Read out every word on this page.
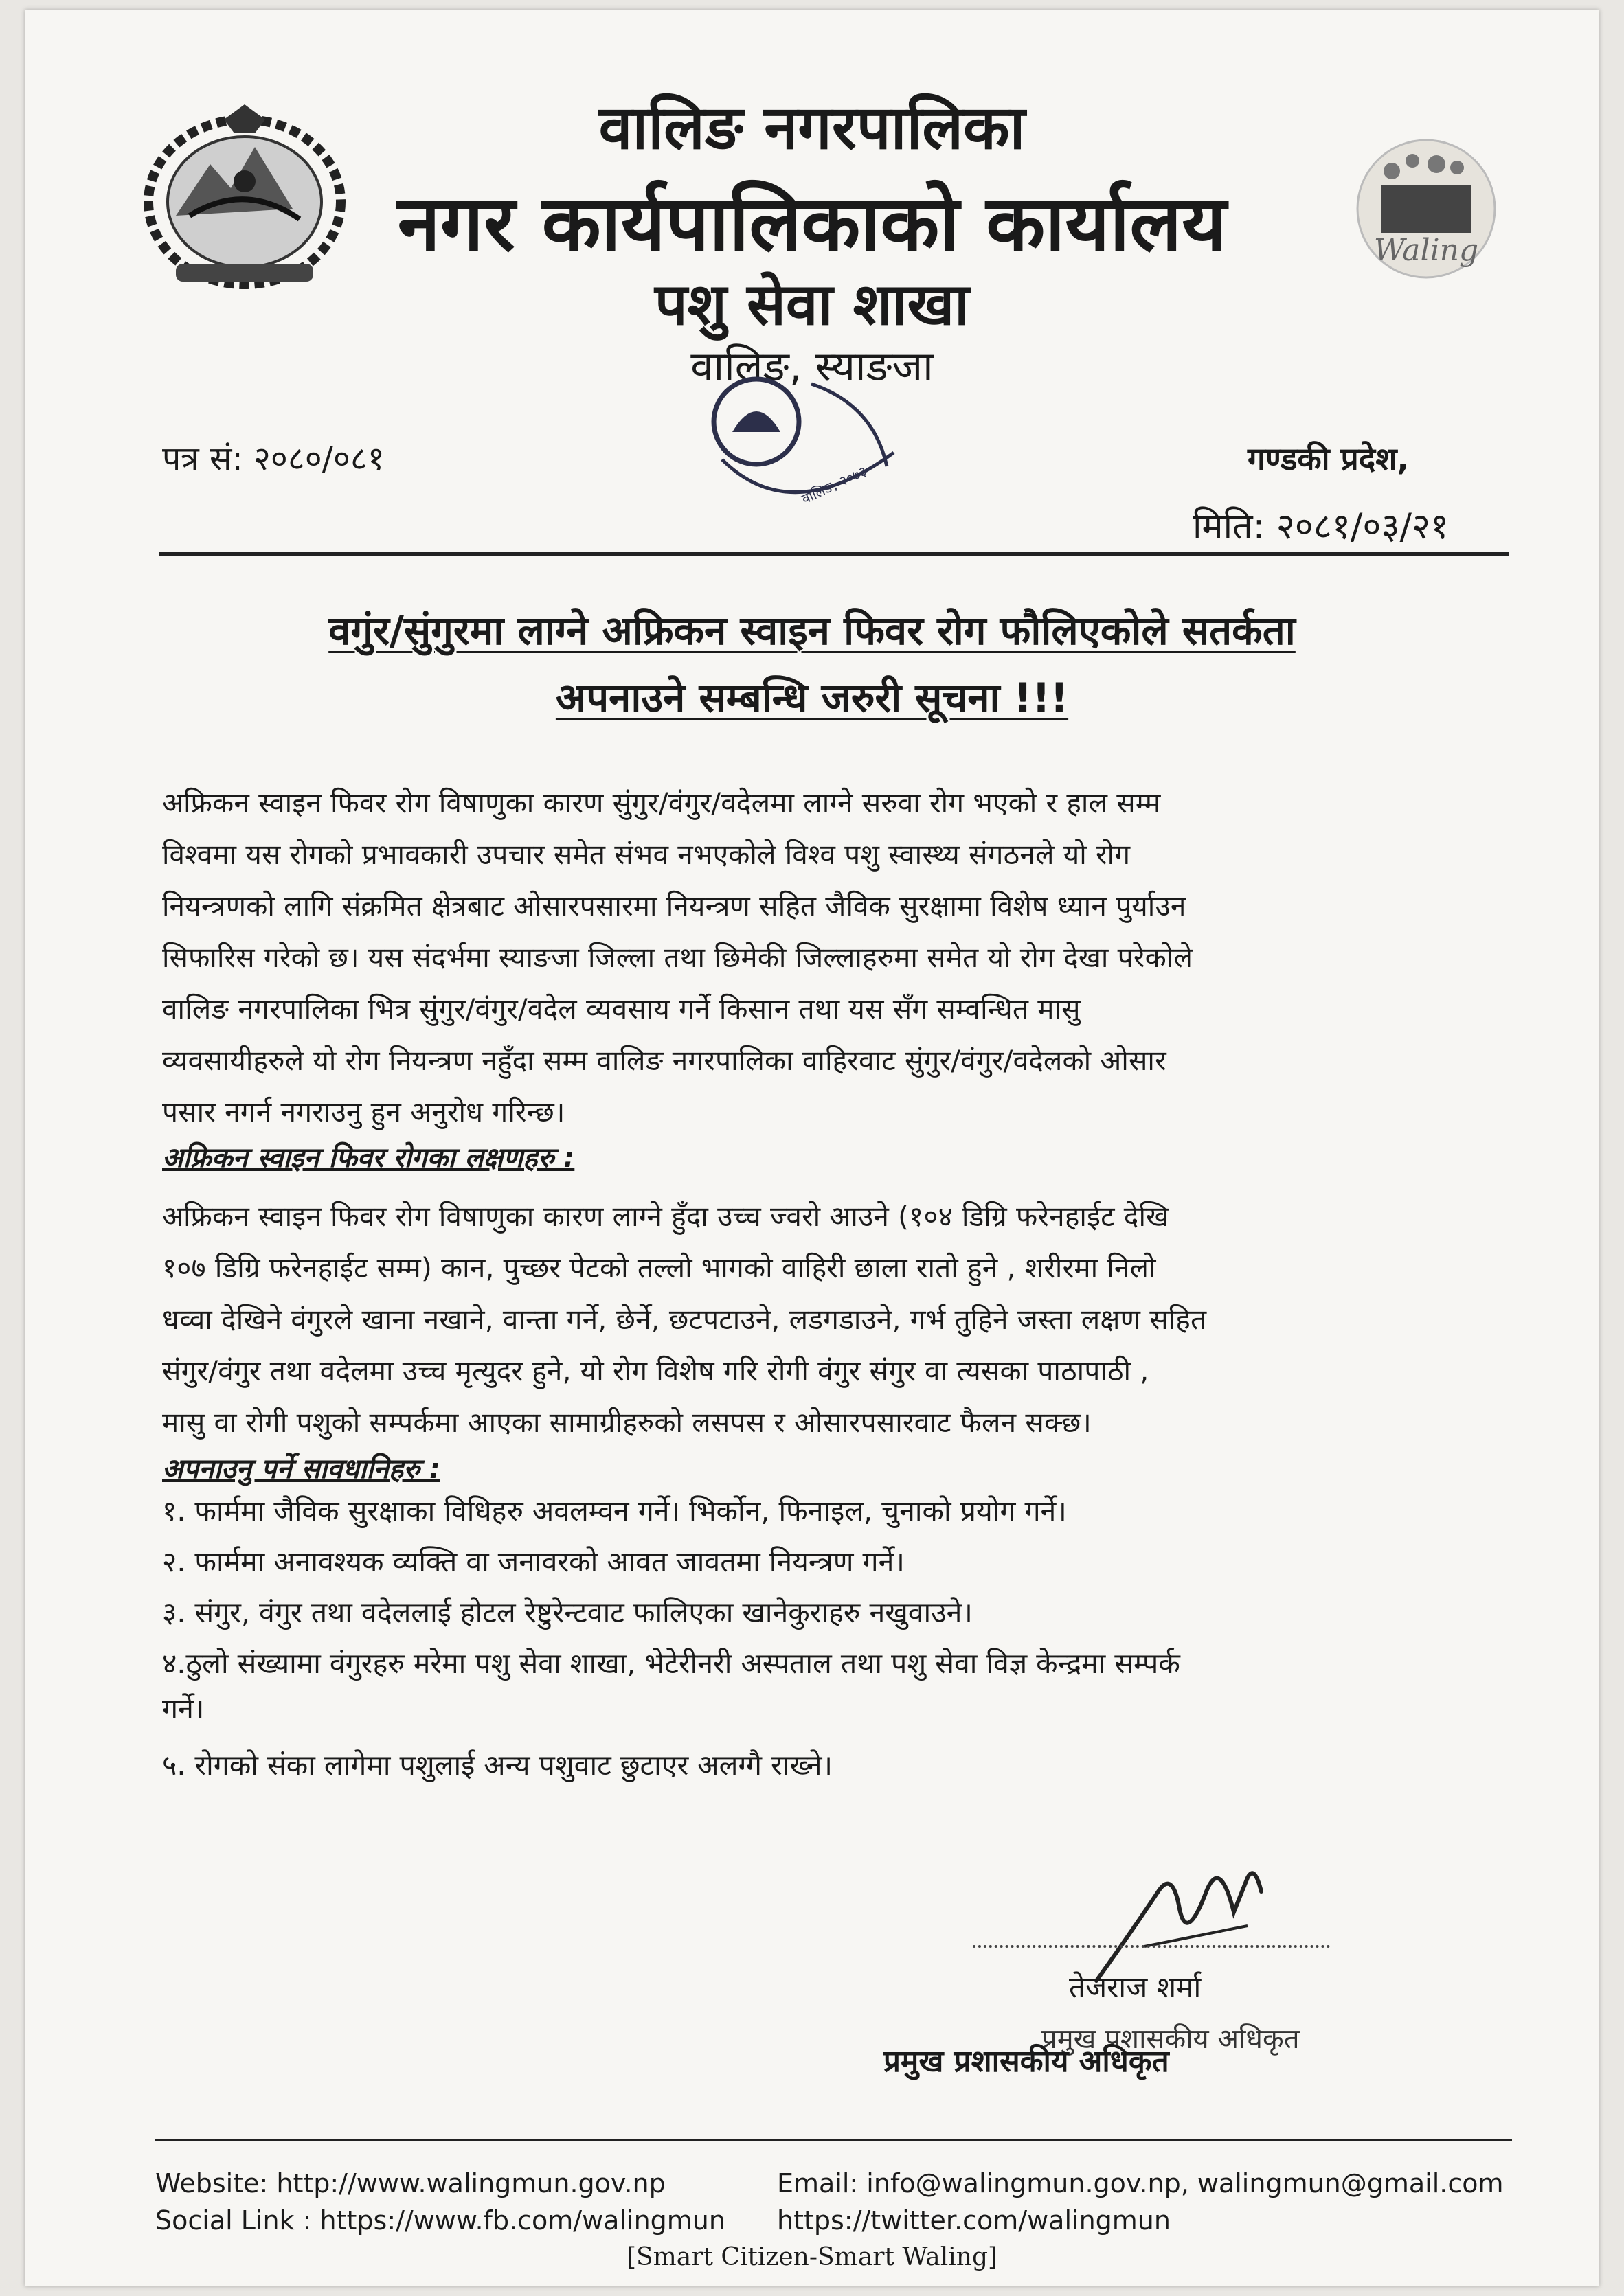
Waling
वालिङ नगरपालिका
नगर कार्यपालिकाको कार्यालय
पशु सेवा शाखा
वालिङ, स्याङजा
वालिङ, २०७३
पत्र सं: २०८०/०८१	गण्डकी प्रदेश,
मिति: २०८१/०३/२१
वगुंर/सुंगुरमा लाग्ने अफ्रिकन स्वाइन फिवर रोग फौलिएकोले सतर्कता
अपनाउने सम्बन्धि जरुरी सूचना !!!
अफ्रिकन स्वाइन फिवर रोग विषाणुका कारण सुंगुर/वंगुर/वदेलमा लाग्ने सरुवा रोग भएको र हाल सम्म
विश्वमा यस रोगको प्रभावकारी उपचार समेत संभव नभएकोले विश्व पशु स्वास्थ्य संगठनले यो रोग
नियन्त्रणको लागि संक्रमित क्षेत्रबाट ओसारपसारमा नियन्त्रण सहित जैविक सुरक्षामा विशेष ध्यान पुर्याउन
सिफारिस गरेको छ। यस संदर्भमा स्याङजा जिल्ला तथा छिमेकी जिल्लाहरुमा समेत यो रोग देखा परेकोले
वालिङ नगरपालिका भित्र सुंगुर/वंगुर/वदेल व्यवसाय गर्ने किसान तथा यस सँग सम्वन्धित मासु
व्यवसायीहरुले यो रोग नियन्त्रण नहुँदा सम्म वालिङ नगरपालिका वाहिरवाट सुंगुर/वंगुर/वदेलको ओसार
पसार नगर्न नगराउनु हुन अनुरोध गरिन्छ।
अफ्रिकन स्वाइन फिवर रोगका लक्षणहरु :
अफ्रिकन स्वाइन फिवर रोग विषाणुका कारण लाग्ने हुँदा उच्च ज्वरो आउने (१०४ डिग्रि फरेनहाईट देखि
१०७ डिग्रि फरेनहाईट सम्म) कान, पुच्छर पेटको तल्लो भागको वाहिरी छाला रातो हुने , शरीरमा निलो
धव्वा देखिने वंगुरले खाना नखाने, वान्ता गर्ने, छेर्ने, छटपटाउने, लडगडाउने, गर्भ तुहिने जस्ता लक्षण सहित
संगुर/वंगुर तथा वदेलमा उच्च मृत्युदर हुने, यो रोग विशेष गरि रोगी वंगुर संगुर वा त्यसका पाठापाठी ,
मासु वा रोगी पशुको सम्पर्कमा आएका सामाग्रीहरुको लसपस र ओसारपसारवाट फैलन सक्छ।
अपनाउनु पर्ने सावधानिहरु :
१. फार्ममा जैविक सुरक्षाका विधिहरु अवलम्वन गर्ने। भिर्कोन, फिनाइल, चुनाको प्रयोग गर्ने।
२. फार्ममा अनावश्यक व्यक्ति वा जनावरको आवत जावतमा नियन्त्रण गर्ने।
३. संगुर, वंगुर तथा वदेललाई होटल रेष्टुरेन्टवाट फालिएका खानेकुराहरु नखुवाउने।
४.ठुलो संख्यामा वंगुरहरु मरेमा पशु सेवा शाखा, भेटेरीनरी अस्पताल तथा पशु सेवा विज्ञ केन्द्रमा सम्पर्क
गर्ने।
५. रोगको संका लागेमा पशुलाई अन्य पशुवाट छुटाएर अलग्गै राख्ने।
तेजराज शर्मा
प्रमुख प्रशासकीय अधिकृत
प्रमुख प्रशासकीय अधिकृत
Website: http://www.walingmun.gov.np	Email: info@walingmun.gov.np, walingmun@gmail.com
Social Link : https://www.fb.com/walingmun https://twitter.com/walingmun
[Smart Citizen-Smart Waling]
